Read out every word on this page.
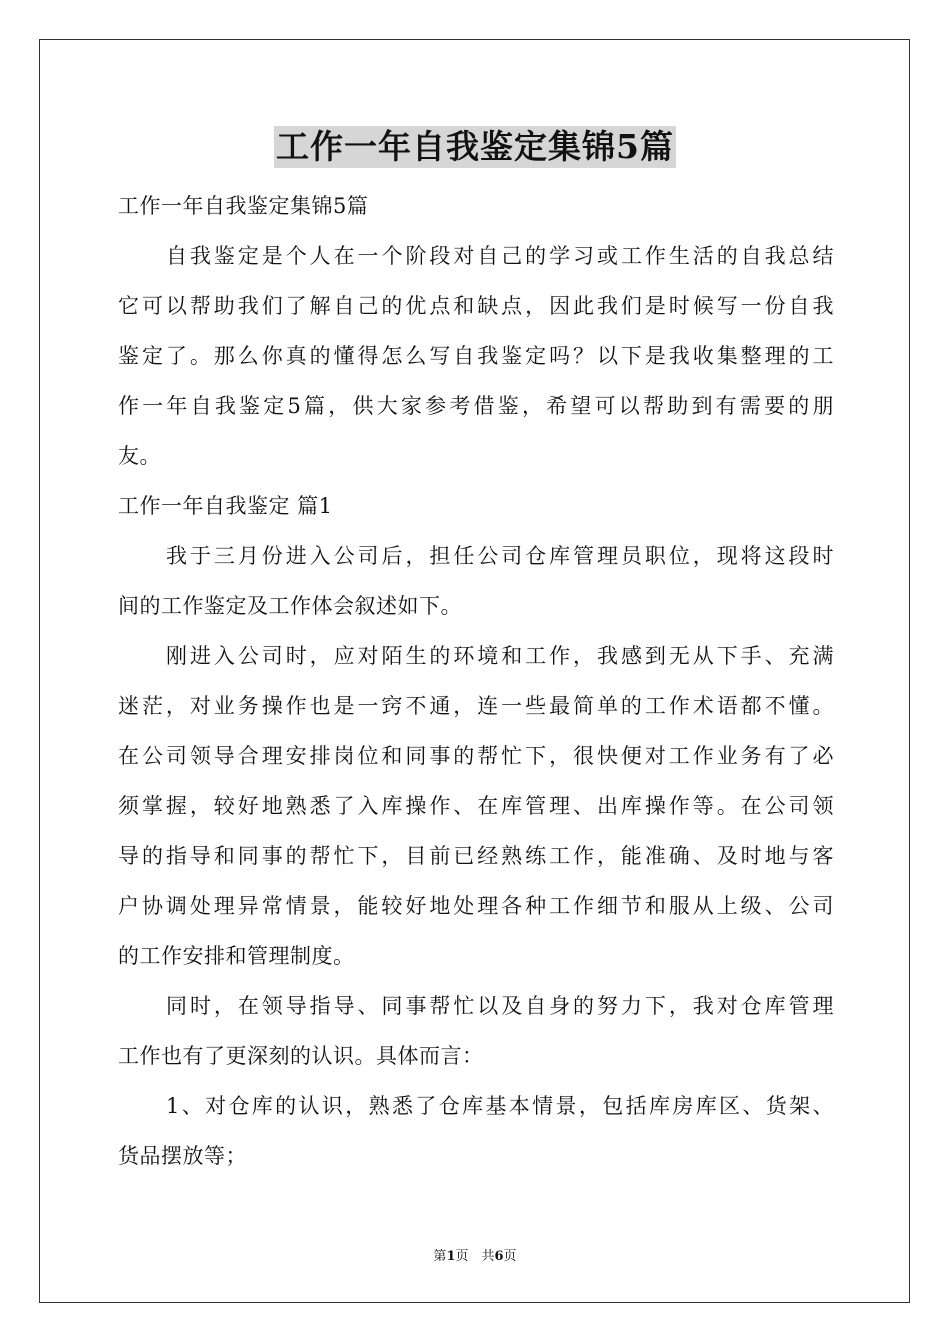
工作一年自我鉴定集锦5篇
工作一年自我鉴定集锦5篇
自我鉴定是个人在一个阶段对自己的学习或工作生活的自我总结
它可以帮助我们了解自己的优点和缺点，因此我们是时候写一份自我
鉴定了。那么你真的懂得怎么写自我鉴定吗？以下是我收集整理的工
作一年自我鉴定5篇，供大家参考借鉴，希望可以帮助到有需要的朋
友。
工作一年自我鉴定 篇1
我于三月份进入公司后，担任公司仓库管理员职位，现将这段时
间的工作鉴定及工作体会叙述如下。
刚进入公司时，应对陌生的环境和工作，我感到无从下手、充满
迷茫，对业务操作也是一窍不通，连一些最简单的工作术语都不懂。
在公司领导合理安排岗位和同事的帮忙下，很快便对工作业务有了必
须掌握，较好地熟悉了入库操作、在库管理、出库操作等。在公司领
导的指导和同事的帮忙下，目前已经熟练工作，能准确、及时地与客
户协调处理异常情景，能较好地处理各种工作细节和服从上级、公司
的工作安排和管理制度。
同时，在领导指导、同事帮忙以及自身的努力下，我对仓库管理
工作也有了更深刻的认识。具体而言：
1、对仓库的认识，熟悉了仓库基本情景，包括库房库区、货架、
货品摆放等；
第1页　共6页
